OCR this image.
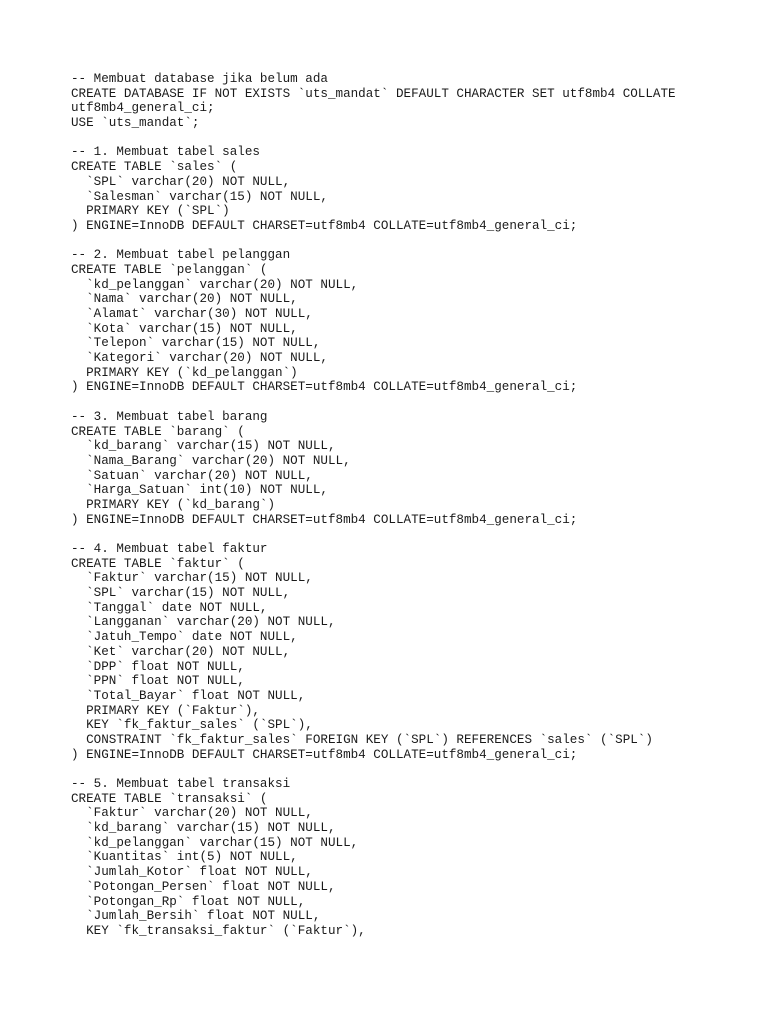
-- Membuat database jika belum ada
CREATE DATABASE IF NOT EXISTS `uts_mandat` DEFAULT CHARACTER SET utf8mb4 COLLATE
utf8mb4_general_ci;
USE `uts_mandat`;
-- 1. Membuat tabel sales
CREATE TABLE `sales` (
`SPL` varchar(20) NOT NULL,
`Salesman` varchar(15) NOT NULL,
PRIMARY KEY (`SPL`)
) ENGINE=InnoDB DEFAULT CHARSET=utf8mb4 COLLATE=utf8mb4_general_ci;
-- 2. Membuat tabel pelanggan
CREATE TABLE `pelanggan` (
`kd_pelanggan` varchar(20) NOT NULL,
`Nama` varchar(20) NOT NULL,
`Alamat` varchar(30) NOT NULL,
`Kota` varchar(15) NOT NULL,
`Telepon` varchar(15) NOT NULL,
`Kategori` varchar(20) NOT NULL,
PRIMARY KEY (`kd_pelanggan`)
) ENGINE=InnoDB DEFAULT CHARSET=utf8mb4 COLLATE=utf8mb4_general_ci;
-- 3. Membuat tabel barang
CREATE TABLE `barang` (
`kd_barang` varchar(15) NOT NULL,
`Nama_Barang` varchar(20) NOT NULL,
`Satuan` varchar(20) NOT NULL,
`Harga_Satuan` int(10) NOT NULL,
PRIMARY KEY (`kd_barang`)
) ENGINE=InnoDB DEFAULT CHARSET=utf8mb4 COLLATE=utf8mb4_general_ci;
-- 4. Membuat tabel faktur
CREATE TABLE `faktur` (
`Faktur` varchar(15) NOT NULL,
`SPL` varchar(15) NOT NULL,
`Tanggal` date NOT NULL,
`Langganan` varchar(20) NOT NULL,
`Jatuh_Tempo` date NOT NULL,
`Ket` varchar(20) NOT NULL,
`DPP` float NOT NULL,
`PPN` float NOT NULL,
`Total_Bayar` float NOT NULL,
PRIMARY KEY (`Faktur`),
KEY `fk_faktur_sales` (`SPL`),
CONSTRAINT `fk_faktur_sales` FOREIGN KEY (`SPL`) REFERENCES `sales` (`SPL`)
) ENGINE=InnoDB DEFAULT CHARSET=utf8mb4 COLLATE=utf8mb4_general_ci;
-- 5. Membuat tabel transaksi
CREATE TABLE `transaksi` (
`Faktur` varchar(20) NOT NULL,
`kd_barang` varchar(15) NOT NULL,
`kd_pelanggan` varchar(15) NOT NULL,
`Kuantitas` int(5) NOT NULL,
`Jumlah_Kotor` float NOT NULL,
`Potongan_Persen` float NOT NULL,
`Potongan_Rp` float NOT NULL,
`Jumlah_Bersih` float NOT NULL,
KEY `fk_transaksi_faktur` (`Faktur`),
